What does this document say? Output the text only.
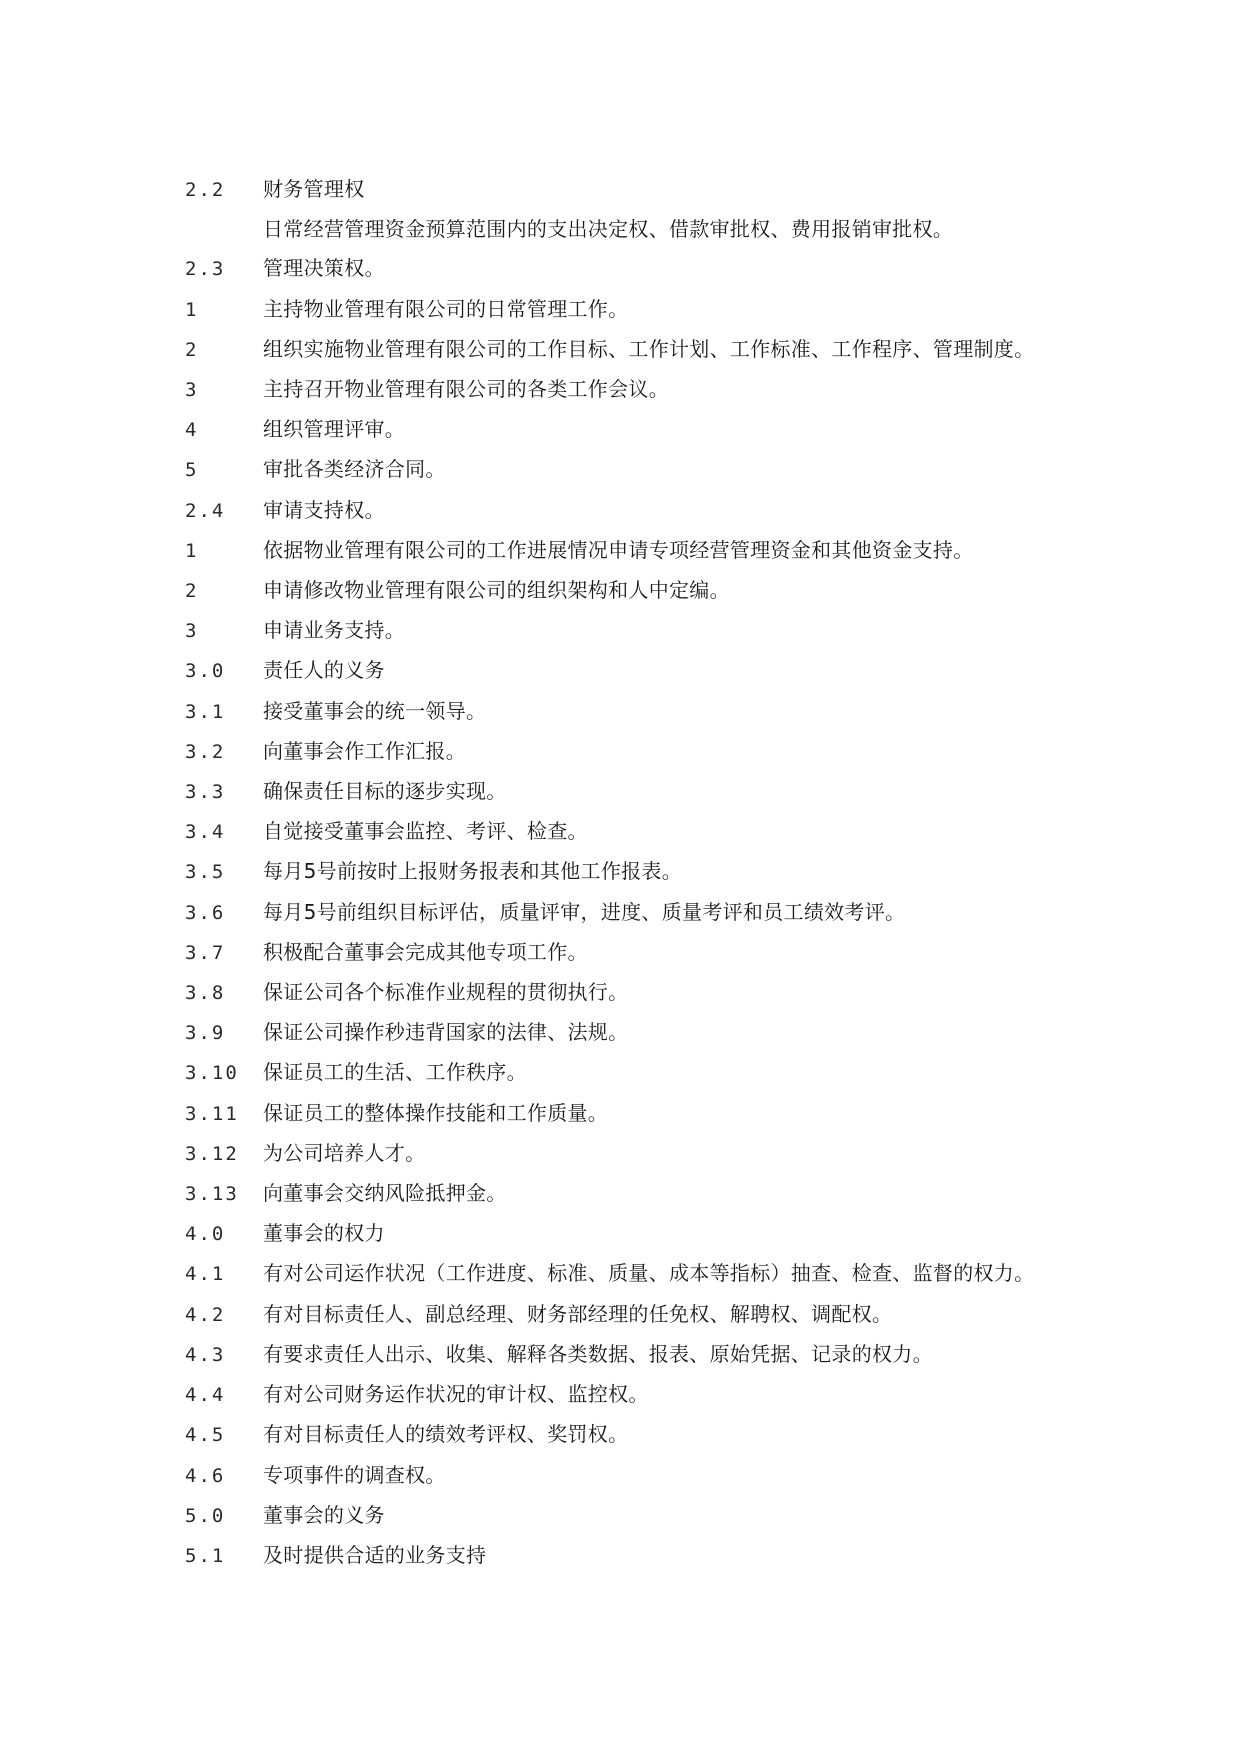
2.2	财务管理权
日常经营管理资金预算范围内的支出决定权、借款审批权、费用报销审批权。
2.3	管理决策权。
1	主持物业管理有限公司的日常管理工作。
2	组织实施物业管理有限公司的工作目标、工作计划、工作标准、工作程序、管理制度。
3	主持召开物业管理有限公司的各类工作会议。
4	组织管理评审。
5	审批各类经济合同。
2.4	审请支持权。
1	依据物业管理有限公司的工作进展情况申请专项经营管理资金和其他资金支持。
2	申请修改物业管理有限公司的组织架构和人中定编。
3	申请业务支持。
3.0	责任人的义务
3.1	接受董事会的统一领导。
3.2	向董事会作工作汇报。
3.3	确保责任目标的逐步实现。
3.4	自觉接受董事会监控、考评、检查。
3.5	每月5号前按时上报财务报表和其他工作报表。
3.6	每月5号前组织目标评估，质量评审，进度、质量考评和员工绩效考评。
3.7	积极配合董事会完成其他专项工作。
3.8	保证公司各个标准作业规程的贯彻执行。
3.9	保证公司操作秒违背国家的法律、法规。
3.10	保证员工的生活、工作秩序。
3.11	保证员工的整体操作技能和工作质量。
3.12	为公司培养人才。
3.13	向董事会交纳风险抵押金。
4.0	董事会的权力
4.1	有对公司运作状况（工作进度、标准、质量、成本等指标）抽查、检查、监督的权力。
4.2	有对目标责任人、副总经理、财务部经理的任免权、解聘权、调配权。
4.3	有要求责任人出示、收集、解释各类数据、报表、原始凭据、记录的权力。
4.4	有对公司财务运作状况的审计权、监控权。
4.5	有对目标责任人的绩效考评权、奖罚权。
4.6	专项事件的调查权。
5.0	董事会的义务
5.1	及时提供合适的业务支持
